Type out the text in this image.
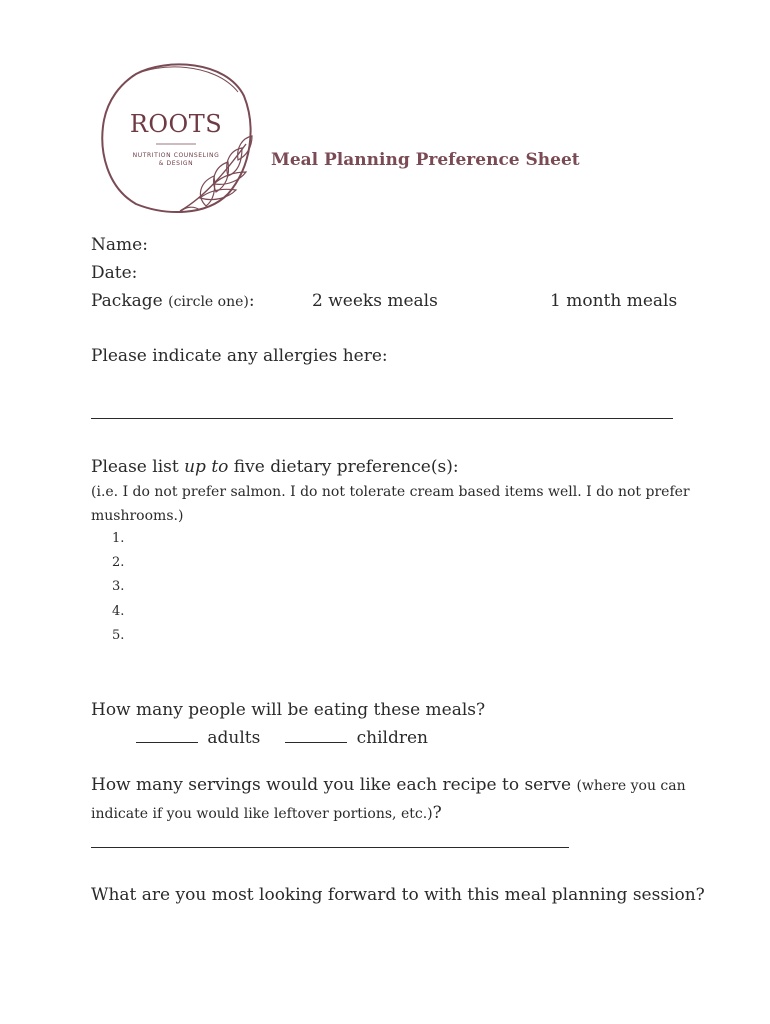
ROOTS
NUTRITION COUNSELING
& DESIGN	Meal Planning Preference Sheet
Name:
Date:
Package (circle one):	2 weeks meals	1 month meals
Please indicate any allergies here:
Please list up to five dietary preference(s):
(i.e. I do not prefer salmon. I do not tolerate cream based items well. I do not prefer
mushrooms.)
1.
2.
3.
4.
5.
How many people will be eating these meals?
adults	children
How many servings would you like each recipe to serve (where you can
indicate if you would like leftover portions, etc.)?
What are you most looking forward to with this meal planning session?
